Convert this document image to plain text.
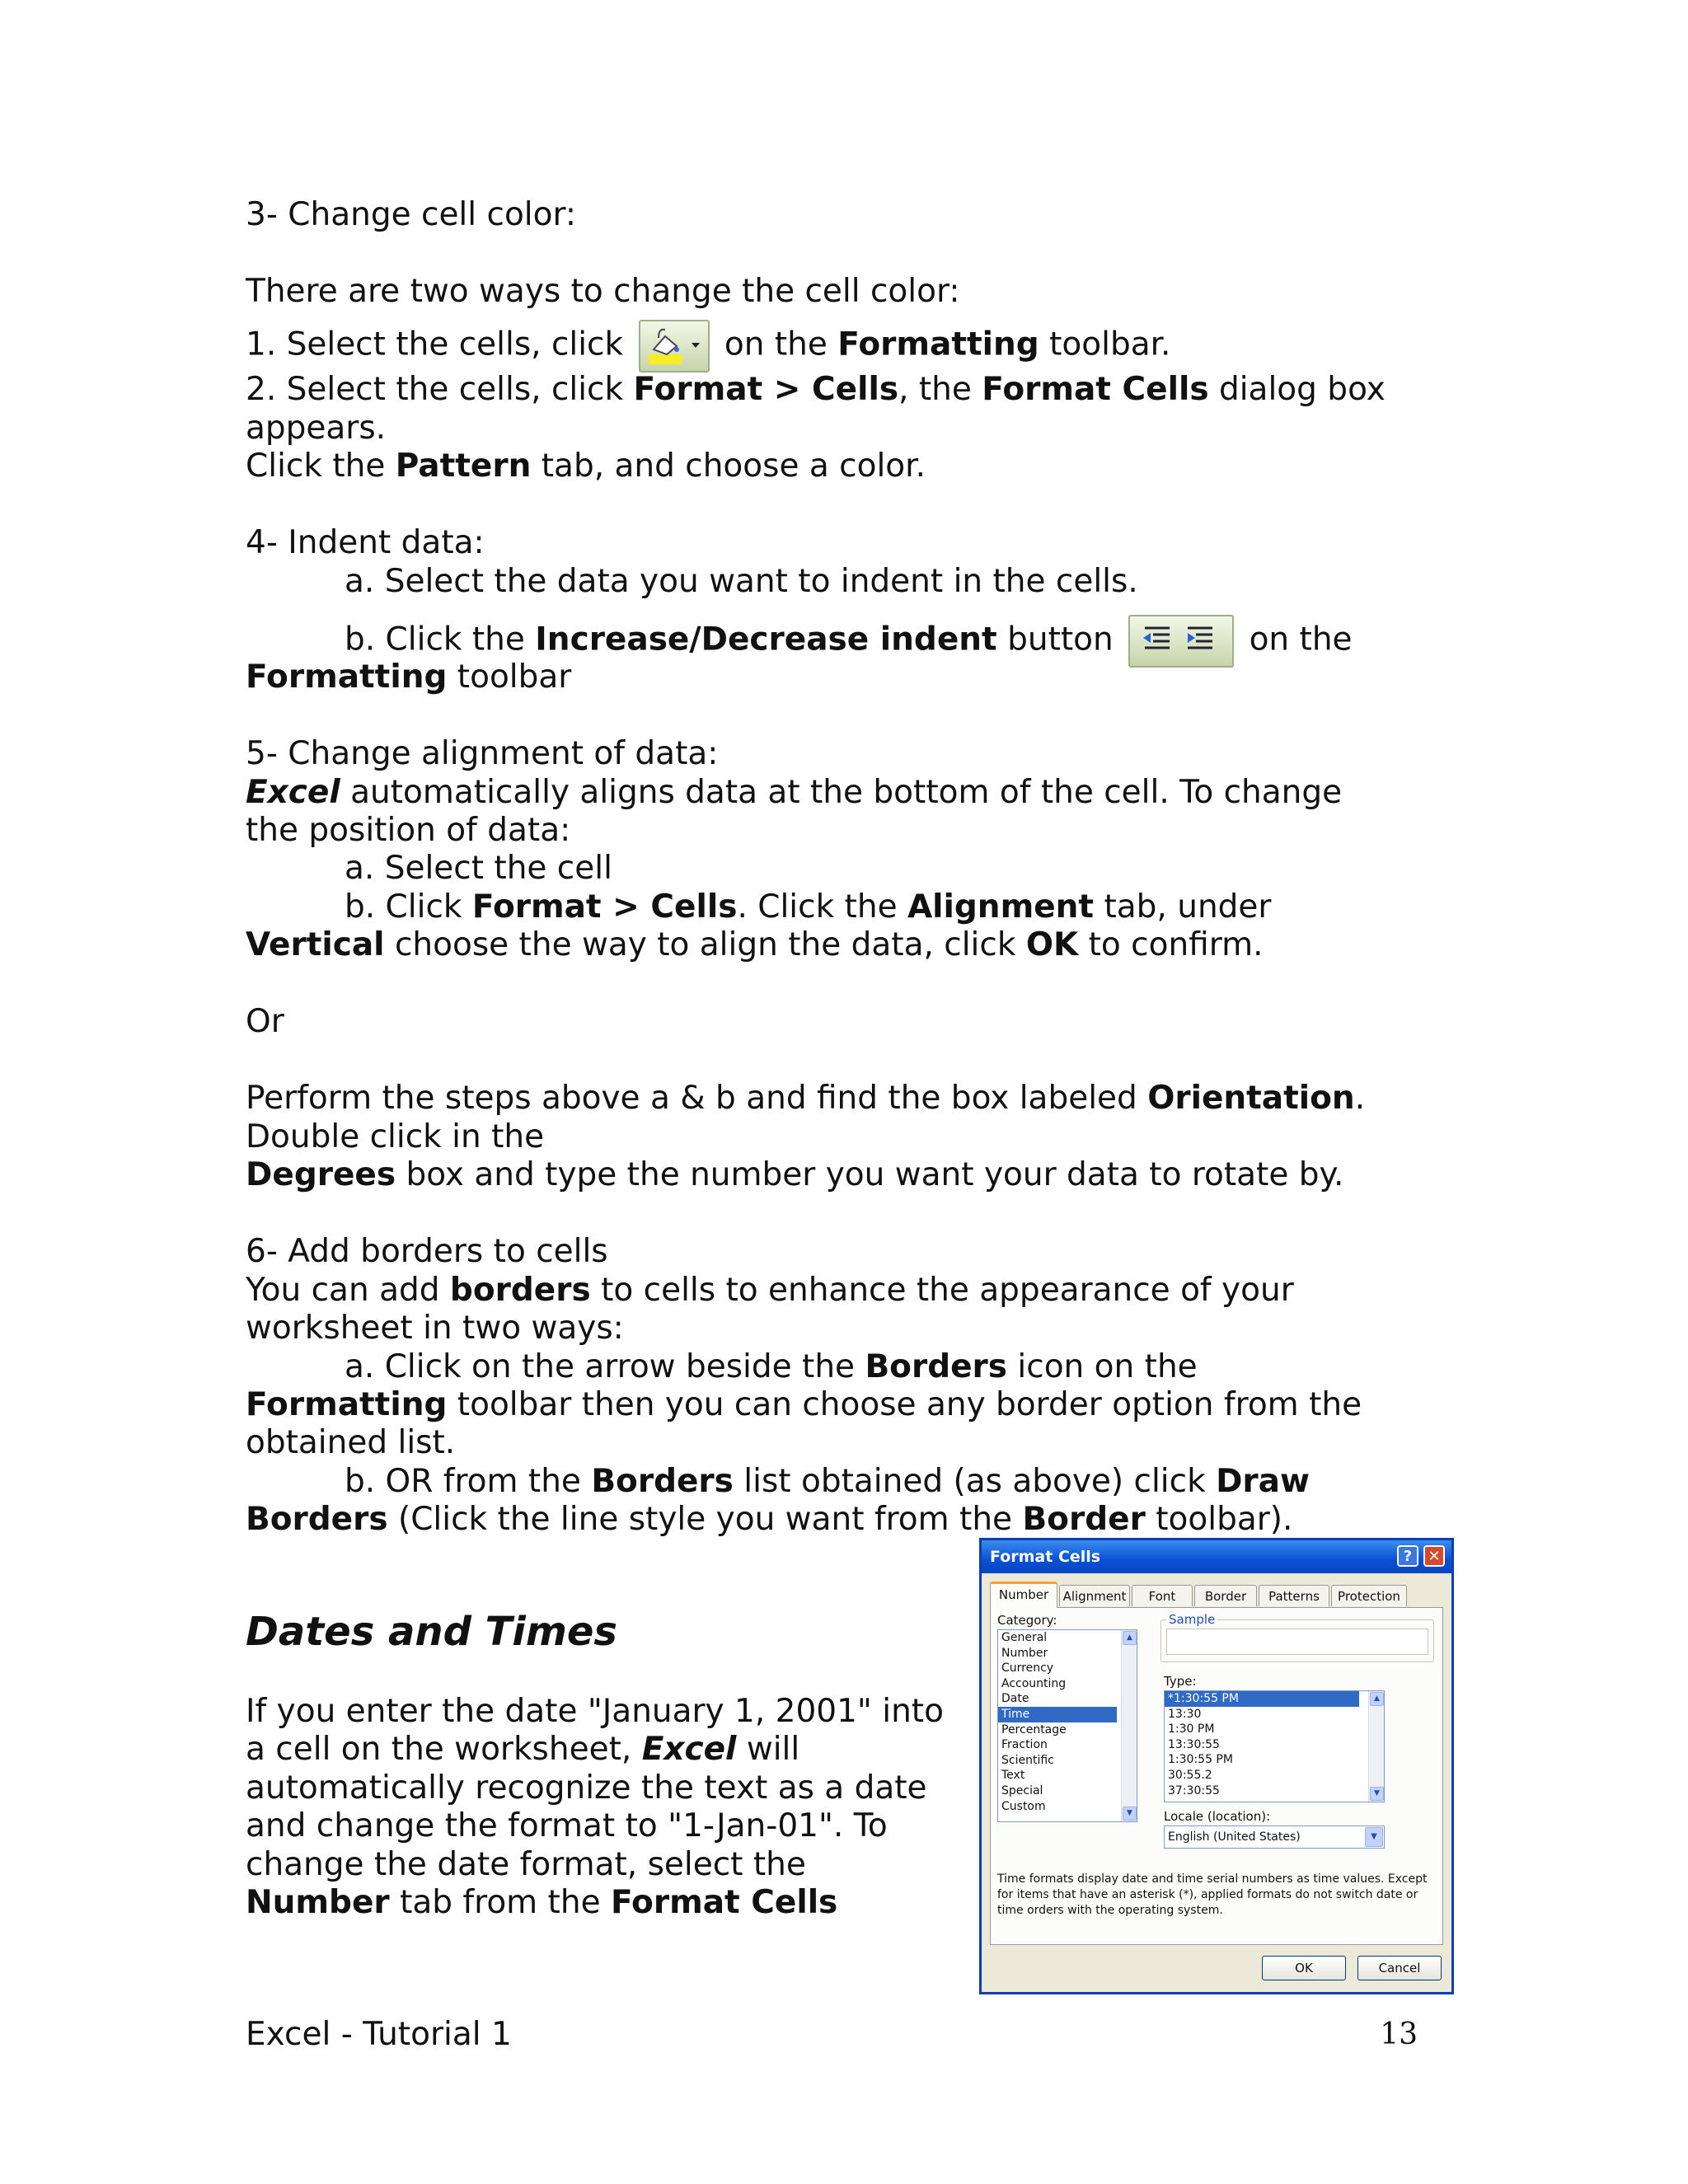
3- Change cell color:
There are two ways to change the cell color:
1. Select the cells, click	on the Formatting toolbar.
2. Select the cells, click Format > Cells, the Format Cells dialog box
appears.
Click the Pattern tab, and choose a color.
4- Indent data:
a. Select the data you want to indent in the cells.
b. Click the Increase/Decrease indent button	on the
Formatting toolbar
5- Change alignment of data:
Excel automatically aligns data at the bottom of the cell. To change
the position of data:
a. Select the cell
b. Click Format > Cells. Click the Alignment tab, under
Vertical choose the way to align the data, click OK to confirm.
Or
Perform the steps above a & b and find the box labeled Orientation.
Double click in the
Degrees box and type the number you want your data to rotate by.
6- Add borders to cells
You can add borders to cells to enhance the appearance of your
worksheet in two ways:
a. Click on the arrow beside the Borders icon on the
Formatting toolbar then you can choose any border option from the
obtained list.
b. OR from the Borders list obtained (as above) click Draw
Borders (Click the line style you want from the Border toolbar).
Dates and Times
If you enter the date "January 1, 2001" into
a cell on the worksheet, Excel will
automatically recognize the text as a date
and change the format to "1-Jan-01". To
change the date format, select the
Number tab from the Format Cells
Format Cells	?	✕
Number	Alignment	Font	Border	Patterns	Protection
Category:
General
Number
Currency
Accounting
Date
Time
Percentage
Fraction
Scientific
Text
Special
Custom
▲
▼
Sample
Type:
*1:30:55 PM
13:30
1:30 PM
13:30:55
1:30:55 PM
30:55.2
37:30:55
▲
▼
Locale (location):
English (United States)	▼
Time formats display date and time serial numbers as time values. Except for items that have an asterisk (*), applied formats do not switch date or time orders with the operating system.
OK	Cancel
Excel - Tutorial 1	13
